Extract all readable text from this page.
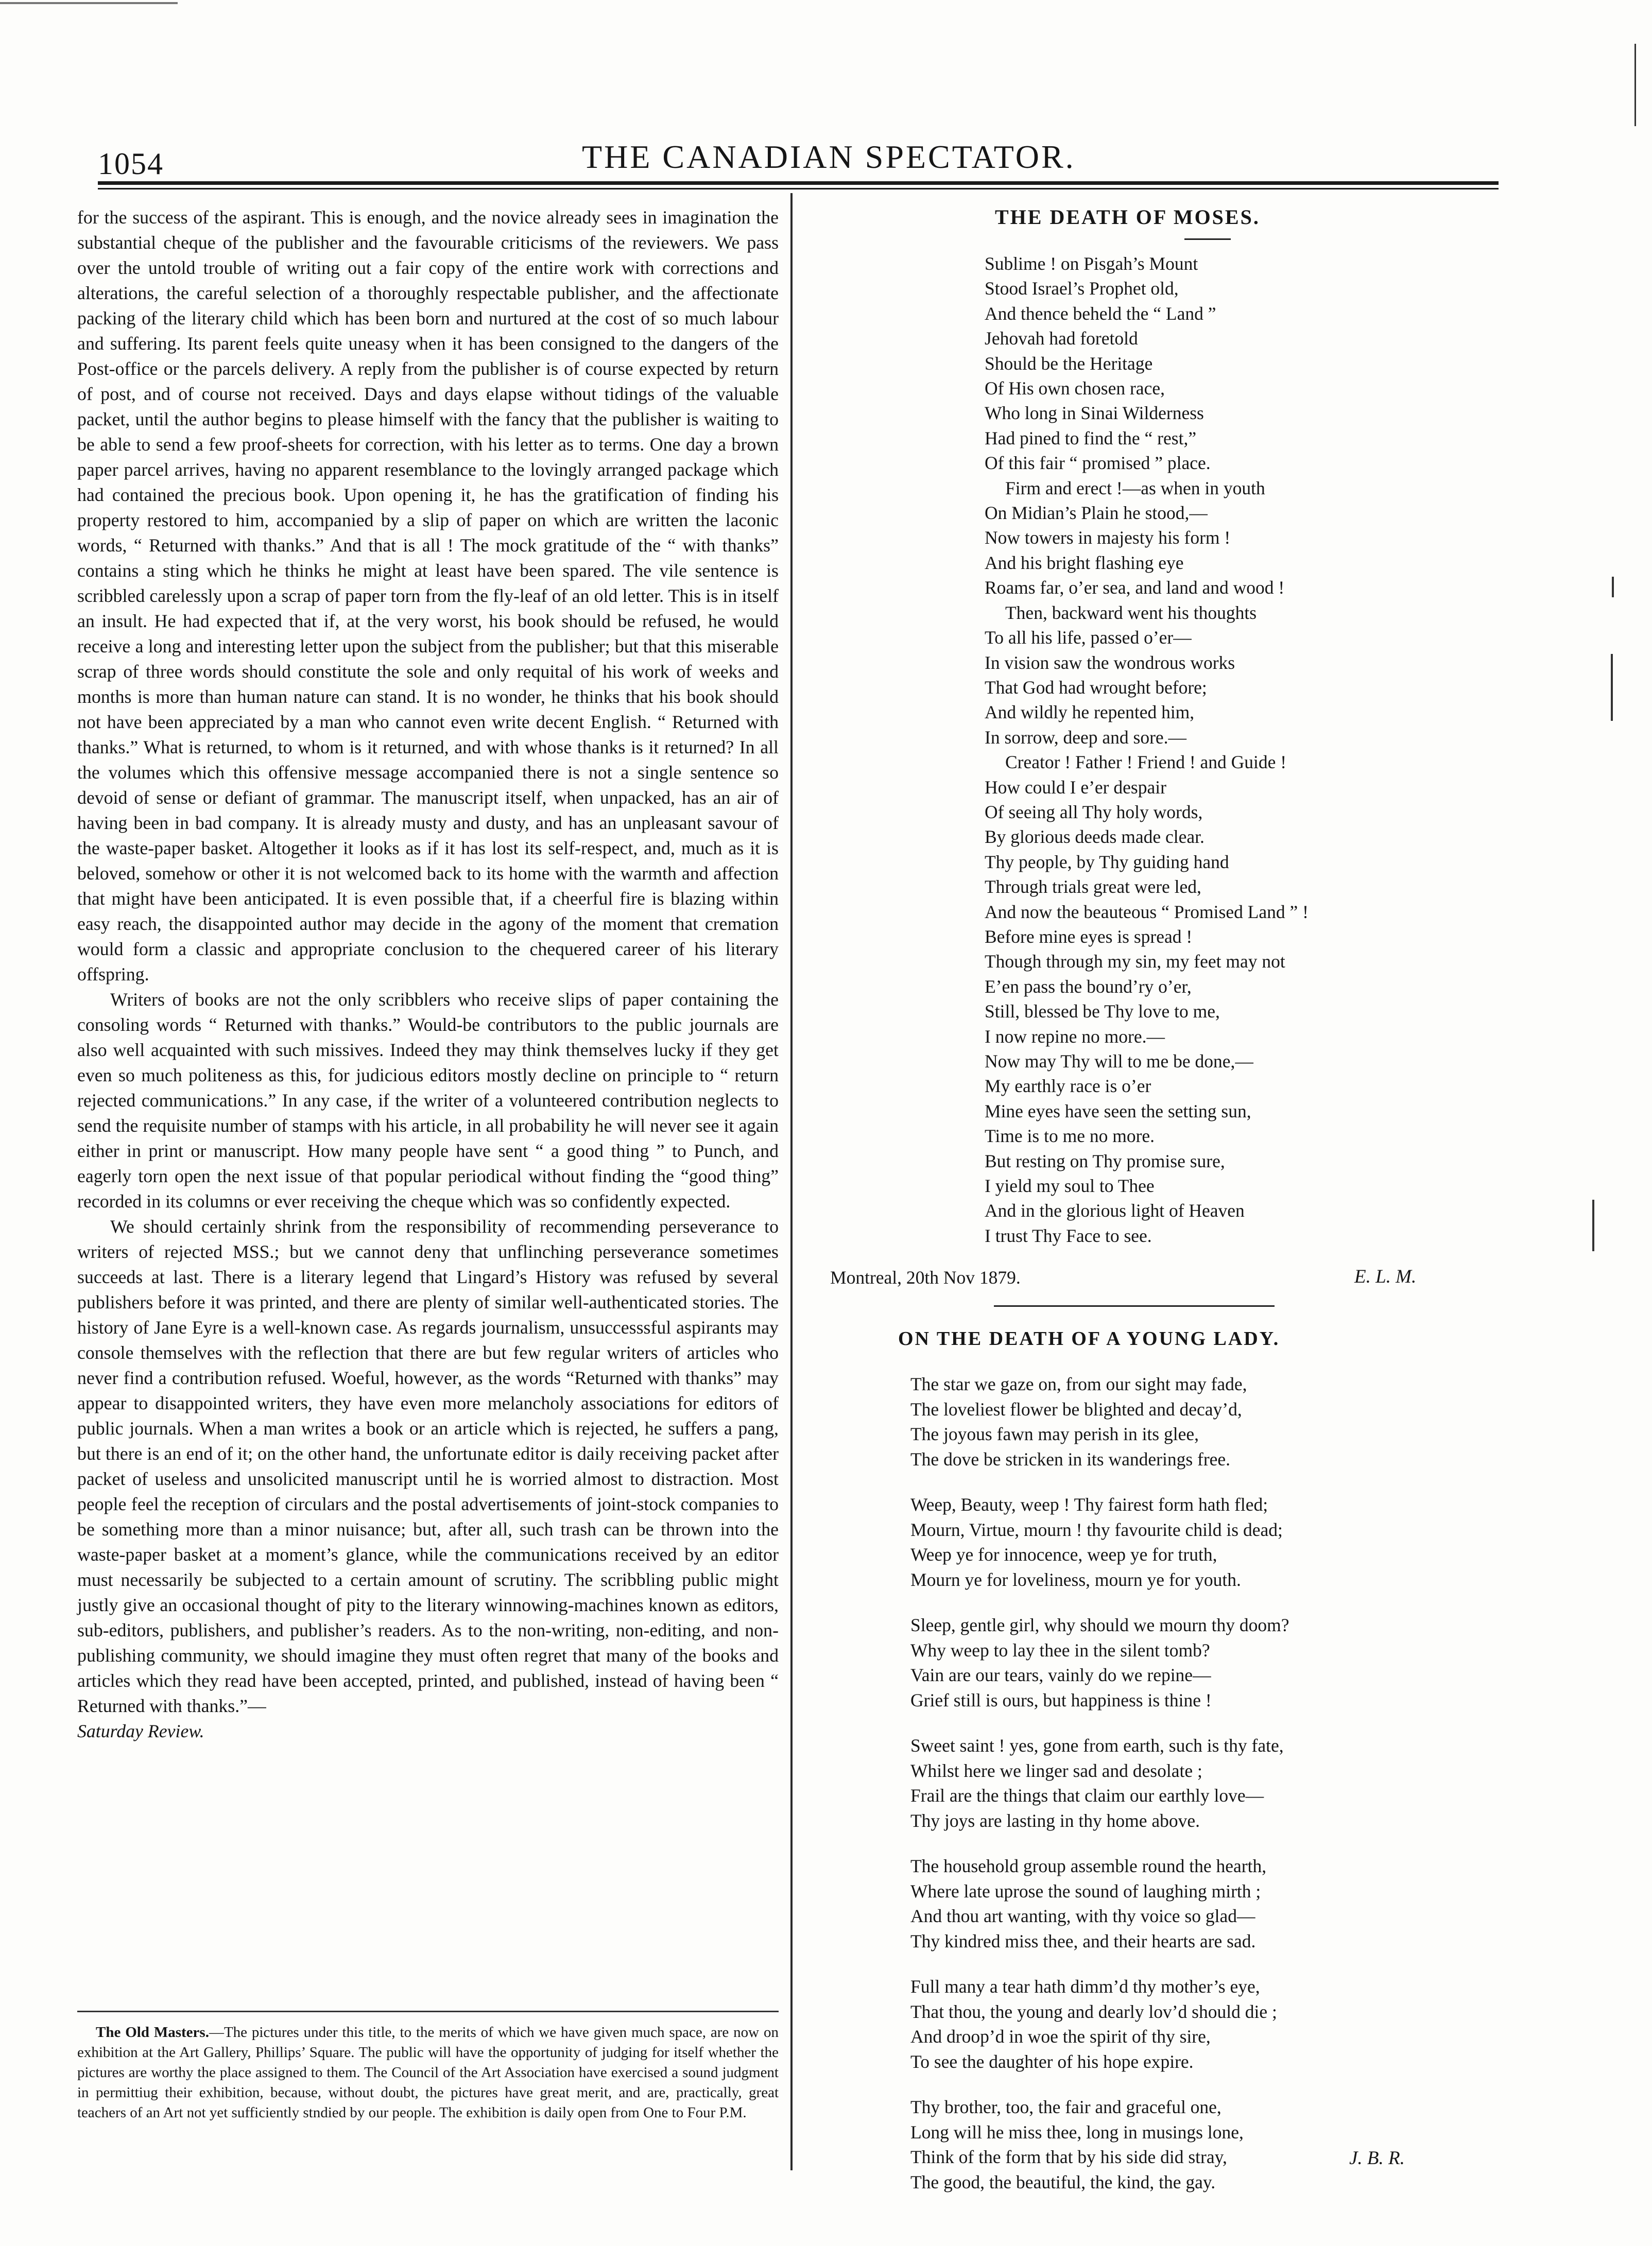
1054	THE CANADIAN SPECTATOR.

for the success of the aspirant. This is enough, and the novice already sees in imagination the substantial cheque of the publisher and the favourable criticisms of the reviewers. We pass over the untold trouble of writing out a fair copy of the entire work with corrections and alterations, the careful selection of a thoroughly respectable publisher, and the affectionate packing of the literary child which has been born and nurtured at the cost of so much labour and suffering. Its parent feels quite uneasy when it has been consigned to the dangers of the Post-office or the parcels delivery. A reply from the publisher is of course expected by return of post, and of course not received. Days and days elapse without tidings of the valuable packet, until the author begins to please himself with the fancy that the publisher is waiting to be able to send a few proof-sheets for correction, with his letter as to terms. One day a brown paper parcel arrives, having no apparent resemblance to the lovingly arranged package which had contained the precious book. Upon opening it, he has the gratification of finding his property restored to him, accompanied by a slip of paper on which are written the laconic words, “ Returned with thanks.” And that is all ! The mock gratitude of the “ with thanks” contains a sting which he thinks he might at least have been spared. The vile sentence is scribbled carelessly upon a scrap of paper torn from the fly-leaf of an old letter. This is in itself an insult. He had expected that if, at the very worst, his book should be refused, he would receive a long and interesting letter upon the subject from the publisher; but that this miserable scrap of three words should constitute the sole and only requital of his work of weeks and months is more than human nature can stand. It is no wonder, he thinks that his book should not have been appreciated by a man who cannot even write decent English. “ Returned with thanks.” What is returned, to whom is it returned, and with whose thanks is it returned? In all the volumes which this offensive message accompanied there is not a single sentence so devoid of sense or defiant of grammar. The manuscript itself, when unpacked, has an air of having been in bad company. It is already musty and dusty, and has an unpleasant savour of the waste-paper basket. Altogether it looks as if it has lost its self-respect, and, much as it is beloved, somehow or other it is not welcomed back to its home with the warmth and affection that might have been anticipated. It is even possible that, if a cheerful fire is blazing within easy reach, the disappointed author may decide in the agony of the moment that cremation would form a classic and appropriate conclusion to the chequered career of his literary offspring.

Writers of books are not the only scribblers who receive slips of paper containing the consoling words “ Returned with thanks.” Would-be contributors to the public journals are also well acquainted with such missives. Indeed they may think themselves lucky if they get even so much politeness as this, for judicious editors mostly decline on principle to “ return rejected communications.” In any case, if the writer of a volunteered contribution neglects to send the requisite number of stamps with his article, in all probability he will never see it again either in print or manuscript. How many people have sent “ a good thing ” to Punch, and eagerly torn open the next issue of that popular periodical without finding the “good thing” recorded in its columns or ever receiving the cheque which was so confidently expected.

We should certainly shrink from the responsibility of recommending perseverance to writers of rejected MSS.; but we cannot deny that unflinching perseverance sometimes succeeds at last. There is a literary legend that Lingard’s History was refused by several publishers before it was printed, and there are plenty of similar well-authenticated stories. The history of Jane Eyre is a well-known case. As regards journalism, unsuccesssful aspirants may console themselves with the reflection that there are but few regular writers of articles who never find a contribution refused. Woeful, however, as the words “Returned with thanks” may appear to disappointed writers, they have even more melancholy associations for editors of public journals. When a man writes a book or an article which is rejected, he suffers a pang, but there is an end of it; on the other hand, the unfortunate editor is daily receiving packet after packet of useless and unsolicited manuscript until he is worried almost to distraction. Most people feel the reception of circulars and the postal advertisements of joint-stock companies to be something more than a minor nuisance; but, after all, such trash can be thrown into the waste-paper basket at a moment’s glance, while the communications received by an editor must necessarily be subjected to a certain amount of scrutiny. The scribbling public might justly give an occasional thought of pity to the literary winnowing-machines known as editors, sub-editors, publishers, and publisher’s readers. As to the non-writing, non-editing, and non-publishing community, we should imagine they must often regret that many of the books and articles which they read have been accepted, printed, and published, instead of having been “ Returned with thanks.”—

Saturday Review.

The Old Masters.—The pictures under this title, to the merits of which we have given much space, are now on exhibition at the Art Gallery, Phillips’ Square. The public will have the opportunity of judging for itself whether the pictures are worthy the place assigned to them. The Council of the Art Association have exercised a sound judgment in permittiug their exhibition, because, without doubt, the pictures have great merit, and are, practically, great teachers of an Art not yet sufficiently stndied by our people. The exhibition is daily open from One to Four P.M.

THE DEATH OF MOSES.
Sublime ! on Pisgah’s Mount
Stood Israel’s Prophet old,
And thence beheld the “ Land ”
Jehovah had foretold
Should be the Heritage
Of His own chosen race,
Who long in Sinai Wilderness
Had pined to find the “ rest,”
Of this fair “ promised ” place.
Firm and erect !—as when in youth
On Midian’s Plain he stood,—
Now towers in majesty his form !
And his bright flashing eye
Roams far, o’er sea, and land and wood !
Then, backward went his thoughts
To all his life, passed o’er—
In vision saw the wondrous works
That God had wrought before;
And wildly he repented him,
In sorrow, deep and sore.—
Creator ! Father ! Friend ! and Guide !
How could I e’er despair
Of seeing all Thy holy words,
By glorious deeds made clear.
Thy people, by Thy guiding hand
Through trials great were led,
And now the beauteous “ Promised Land ” !
Before mine eyes is spread !
Though through my sin, my feet may not
E’en pass the bound’ry o’er,
Still, blessed be Thy love to me,
I now repine no more.—
Now may Thy will to me be done,—
My earthly race is o’er
Mine eyes have seen the setting sun,
Time is to me no more.
But resting on Thy promise sure,
I yield my soul to Thee
And in the glorious light of Heaven
I trust Thy Face to see.
Montreal, 20th Nov 1879.	E. L. M.
ON THE DEATH OF A YOUNG LADY.
The star we gaze on, from our sight may fade,
The loveliest flower be blighted and decay’d,
The joyous fawn may perish in its glee,
The dove be stricken in its wanderings free.
Weep, Beauty, weep ! Thy fairest form hath fled;
Mourn, Virtue, mourn ! thy favourite child is dead;
Weep ye for innocence, weep ye for truth,
Mourn ye for loveliness, mourn ye for youth.
Sleep, gentle girl, why should we mourn thy doom?
Why weep to lay thee in the silent tomb?
Vain are our tears, vainly do we repine—
Grief still is ours, but happiness is thine !
Sweet saint ! yes, gone from earth, such is thy fate,
Whilst here we linger sad and desolate ;
Frail are the things that claim our earthly love—
Thy joys are lasting in thy home above.
The household group assemble round the hearth,
Where late uprose the sound of laughing mirth ;
And thou art wanting, with thy voice so glad—
Thy kindred miss thee, and their hearts are sad.
Full many a tear hath dimm’d thy mother’s eye,
That thou, the young and dearly lov’d should die ;
And droop’d in woe the spirit of thy sire,
To see the daughter of his hope expire.
Thy brother, too, the fair and graceful one,
Long will he miss thee, long in musings lone,
Think of the form that by his side did stray,
The good, the beautiful, the kind, the gay.
J. B. R.
